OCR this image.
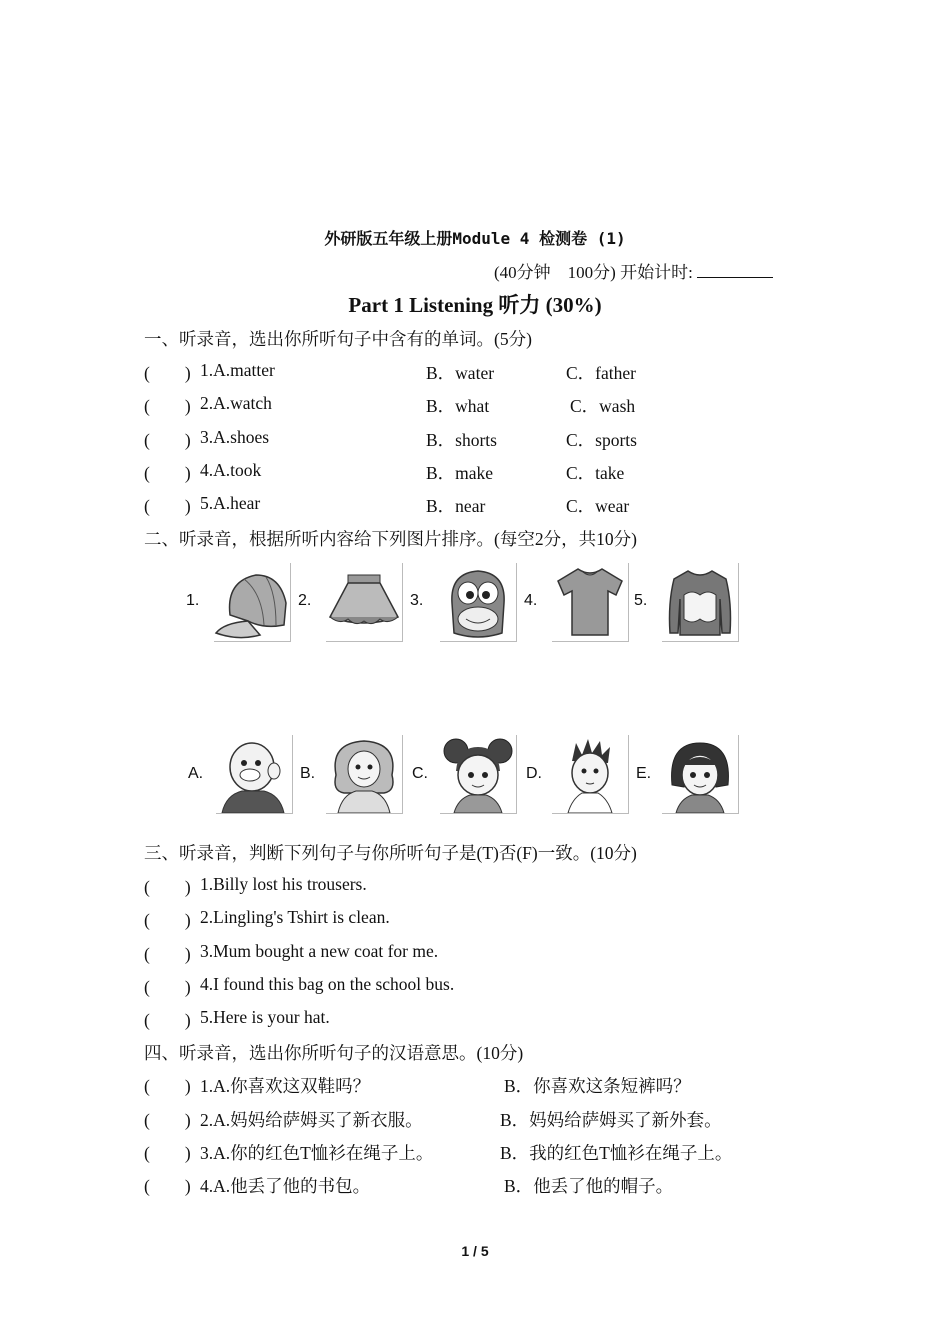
外研版五年级上册Module 4 检测卷 (1)
(40分钟　100分) 开始计时:
Part 1 Listening 听力 (30%)
一、听录音，选出你所听句子中含有的单词。(5分)
(　　) 1.A.matter	B．water	C．father
(　　) 2.A.watch	B．what	C．wash
(　　) 3.A.shoes	B．shorts	C．sports
(　　) 4.A.took	B．make	C．take
(　　) 5.A.hear	B．near	C．wear
二、听录音，根据所听内容给下列图片排序。(每空2分，共10分)
1.	2.	3.	4.	5.
A.	B.	C.	D.	E.
三、听录音，判断下列句子与你所听句子是(T)否(F)一致。(10分)
(　　) 1.Billy lost his trousers.
(　　) 2.Lingling's Tshirt is clean.
(　　) 3.Mum bought a new coat for me.
(　　) 4.I found this bag on the school bus.
(　　) 5.Here is your hat.
四、听录音，选出你所听句子的汉语意思。(10分)
(　　) 1.A.你喜欢这双鞋吗？	B．你喜欢这条短裤吗？
(　　) 2.A.妈妈给萨姆买了新衣服。	B．妈妈给萨姆买了新外套。
(　　) 3.A.你的红色T恤衫在绳子上。	B．我的红色T恤衫在绳子上。
(　　) 4.A.他丢了他的书包。	B．他丢了他的帽子。
1 / 5
